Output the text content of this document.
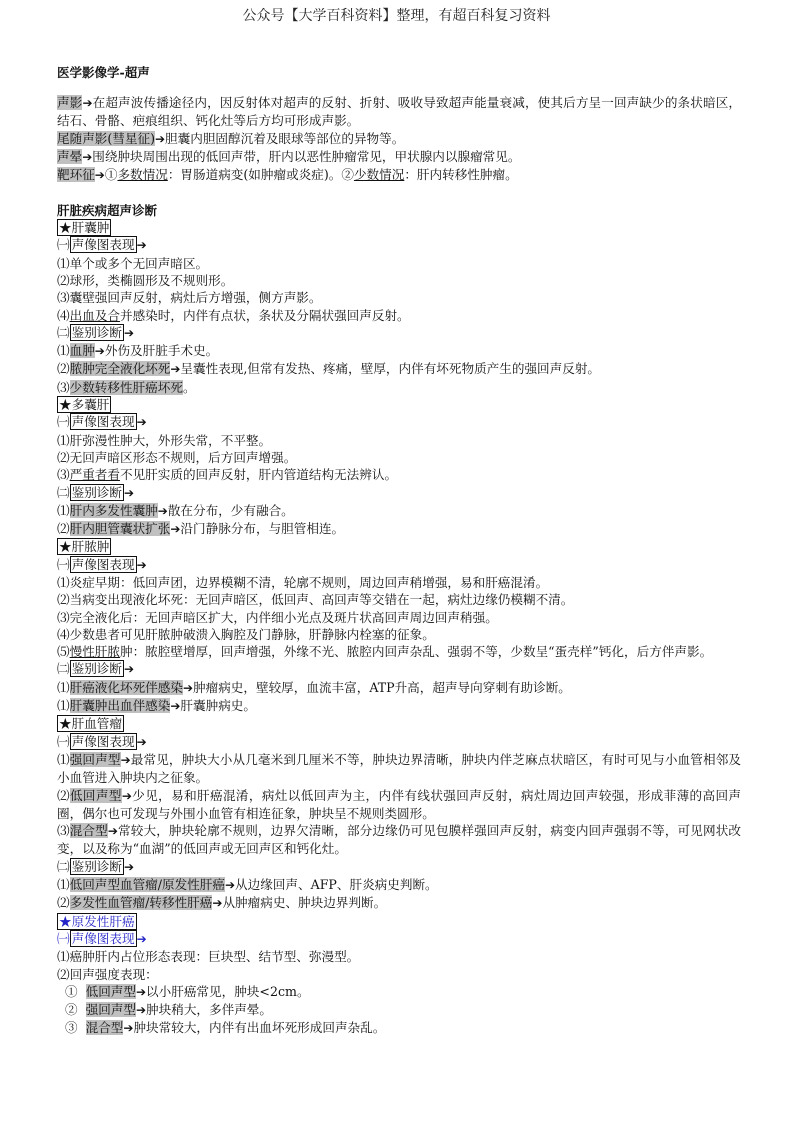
公众号【大学百科资料】整理，有超百科复习资料
医学影像学-超声
声影➔在超声波传播途径内，因反射体对超声的反射、折射、吸收导致超声能量衰减，使其后方呈一回声缺少的条状暗区，结石、骨骼、疤痕组织、钙化灶等后方均可形成声影。
尾随声影(彗星征)➔胆囊内胆固醇沉着及眼球等部位的异物等。
声晕➔围绕肿块周围出现的低回声带，肝内以恶性肿瘤常见，甲状腺内以腺瘤常见。
靶环征➔①多数情况：胃肠道病变(如肿瘤或炎症)。②少数情况：肝内转移性肿瘤。
肝脏疾病超声诊断
★肝囊肿
㈠ 声像图表现 ➔
⑴单个或多个无回声暗区。
⑵球形，类椭圆形及不规则形。
⑶囊壁强回声反射，病灶后方增强，侧方声影。
⑷出血及合并感染时，内伴有点状，条状及分隔状强回声反射。
㈡ 鉴别诊断 ➔
⑴血肿➔外伤及肝脏手术史。
⑵脓肿完全液化坏死➔呈囊性表现,但常有发热、疼痛，壁厚，内伴有坏死物质产生的强回声反射。
⑶少数转移性肝癌坏死。
★多囊肝
㈠ 声像图表现 ➔
⑴肝弥漫性肿大，外形失常，不平整。
⑵无回声暗区形态不规则，后方回声增强。
⑶严重者看不见肝实质的回声反射，肝内管道结构无法辨认。
㈡ 鉴别诊断 ➔
⑴肝内多发性囊肿➔散在分布，少有融合。
⑵肝内胆管囊状扩张➔沿门静脉分布，与胆管相连。
★肝脓肿
㈠ 声像图表现 ➔
⑴炎症早期：低回声团，边界模糊不清，轮廓不规则，周边回声稍增强，易和肝癌混淆。
⑵当病变出现液化坏死：无回声暗区，低回声、高回声等交错在一起，病灶边缘仍模糊不清。
⑶完全液化后：无回声暗区扩大，内伴细小光点及斑片状高回声周边回声稍强。
⑷少数患者可见肝脓肿破溃入胸腔及门静脉，肝静脉内栓塞的征象。
⑸慢性肝脓肿：脓腔壁增厚，回声增强，外缘不光、脓腔内回声杂乱、强弱不等，少数呈“蛋壳样”钙化，后方伴声影。
㈡ 鉴别诊断 ➔
⑴肝癌液化坏死伴感染➔肿瘤病史，壁较厚，血流丰富，ATP升高，超声导向穿刺有助诊断。
⑴肝囊肿出血伴感染➔肝囊肿病史。
★肝血管瘤
㈠ 声像图表现 ➔
⑴强回声型➔最常见，肿块大小从几毫米到几厘米不等，肿块边界清晰，肿块内伴芝麻点状暗区，有时可见与小血管相邻及小血管进入肿块内之征象。
⑵低回声型➔少见，易和肝癌混淆，病灶以低回声为主，内伴有线状强回声反射，病灶周边回声较强，形成菲薄的高回声圈，偶尔也可发现与外围小血管有相连征象，肿块呈不规则类圆形。
⑶混合型➔常较大，肿块轮廓不规则，边界欠清晰，部分边缘仍可见包膜样强回声反射，病变内回声强弱不等，可见网状改变，以及称为“血湖”的低回声或无回声区和钙化灶。
㈡ 鉴别诊断 ➔
⑴低回声型血管瘤/原发性肝癌➔从边缘回声、AFP、肝炎病史判断。
⑵多发性血管瘤/转移性肝癌➔从肿瘤病史、肿块边界判断。
★原发性肝癌
㈠ 声像图表现 ➔
⑴癌肿肝内占位形态表现：巨块型、结节型、弥漫型。
⑵回声强度表现：
①  低回声型➔以小肝癌常见，肿块<2cm。
②  强回声型➔肿块稍大，多伴声晕。
③  混合型➔肿块常较大，内伴有出血坏死形成回声杂乱。
